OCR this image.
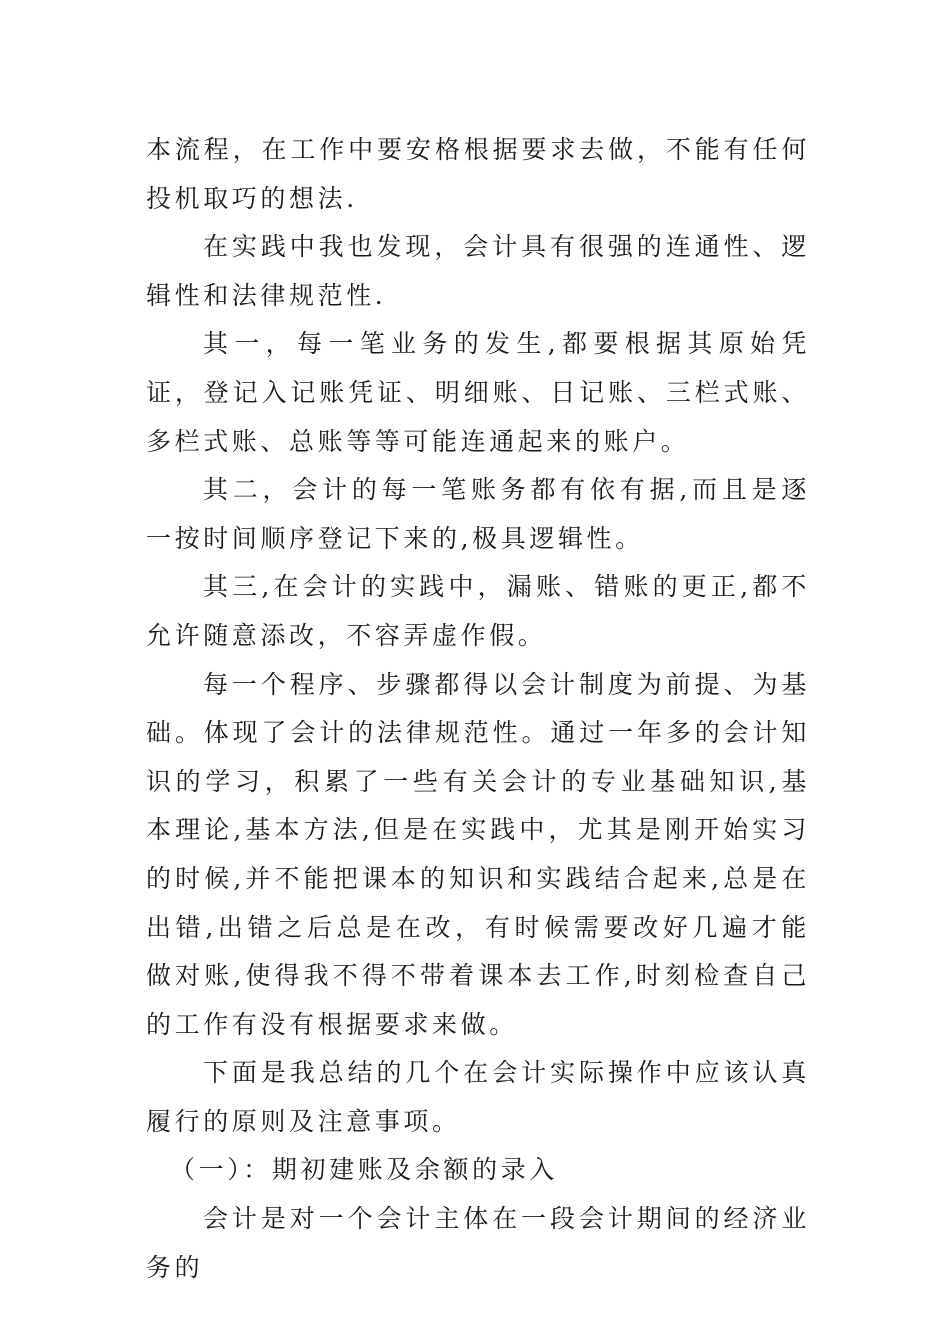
本流程，在工作中要安格根据要求去做，不能有任何投机取巧的想法.

在实践中我也发现，会计具有很强的连通性、逻辑性和法律规范性.

其一，每一笔业务的发生,都要根据其原始凭证，登记入记账凭证、明细账、日记账、三栏式账、多栏式账、总账等等可能连通起来的账户。

其二，会计的每一笔账务都有依有据,而且是逐一按时间顺序登记下来的,极具逻辑性。

其三,在会计的实践中，漏账、错账的更正,都不允许随意添改，不容弄虚作假。

每一个程序、步骤都得以会计制度为前提、为基础。体现了会计的法律规范性。通过一年多的会计知识的学习，积累了一些有关会计的专业基础知识,基本理论,基本方法,但是在实践中，尤其是刚开始实习的时候,并不能把课本的知识和实践结合起来,总是在出错,出错之后总是在改，有时候需要改好几遍才能做对账,使得我不得不带着课本去工作,时刻检查自己的工作有没有根据要求来做。

下面是我总结的几个在会计实际操作中应该认真履行的原则及注意事项。

（一）：期初建账及余额的录入

会计是对一个会计主体在一段会计期间的经济业务的
